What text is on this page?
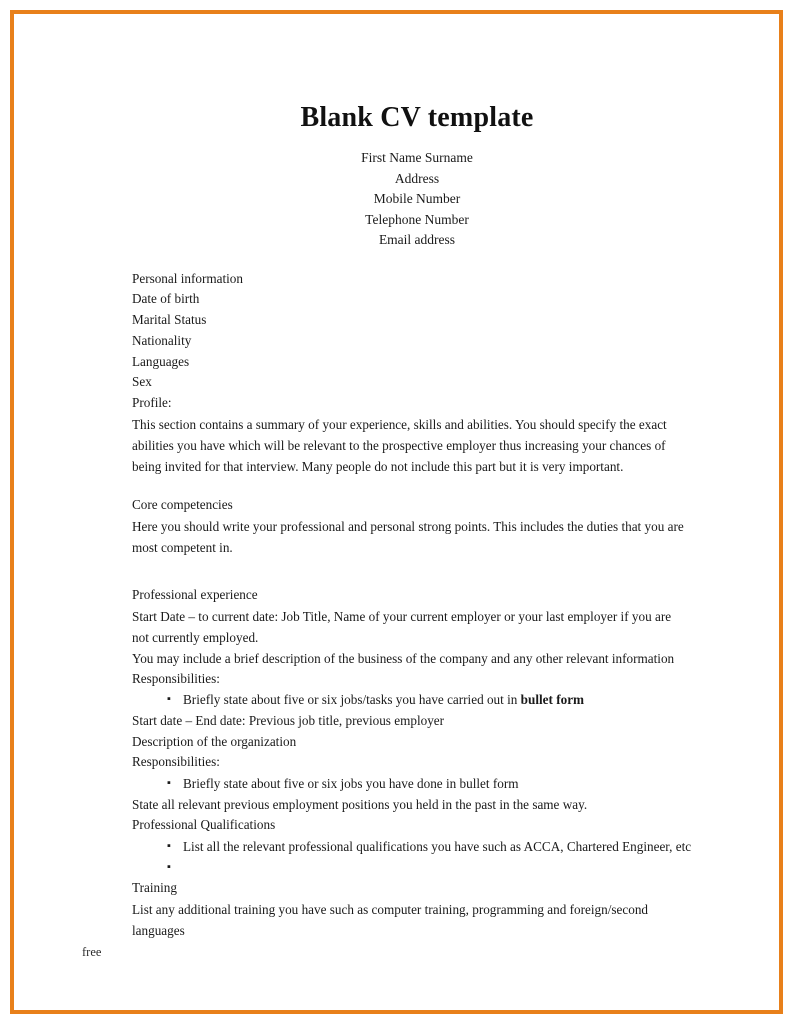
Blank CV template

First Name Surname

Address

Mobile Number

Telephone Number

Email address

Personal information

Date of birth

Marital Status

Nationality

Languages

Sex

Profile:

This section contains a summary of your experience, skills and abilities. You should specify the exact abilities you have which will be relevant to the prospective employer thus increasing your chances of being invited for that interview. Many people do not include this part but it is very important.

Core competencies

Here you should write your professional and personal strong points. This includes the duties that you are most competent in.

Professional experience

Start Date – to current date: Job Title, Name of your current employer or your last employer if you are not currently employed.

You may include a brief description of the business of the company and any other relevant information

Responsibilities:

▪ Briefly state about five or six jobs/tasks you have carried out in bullet form

Start date – End date: Previous job title, previous employer

Description of the organization

Responsibilities:

▪ Briefly state about five or six jobs you have done in bullet form

State all relevant previous employment positions you held in the past in the same way.

Professional Qualifications

▪ List all the relevant professional qualifications you have such as ACCA, Chartered Engineer, etc
▪

Training

List any additional training you have such as computer training, programming and foreign/second languages

free
